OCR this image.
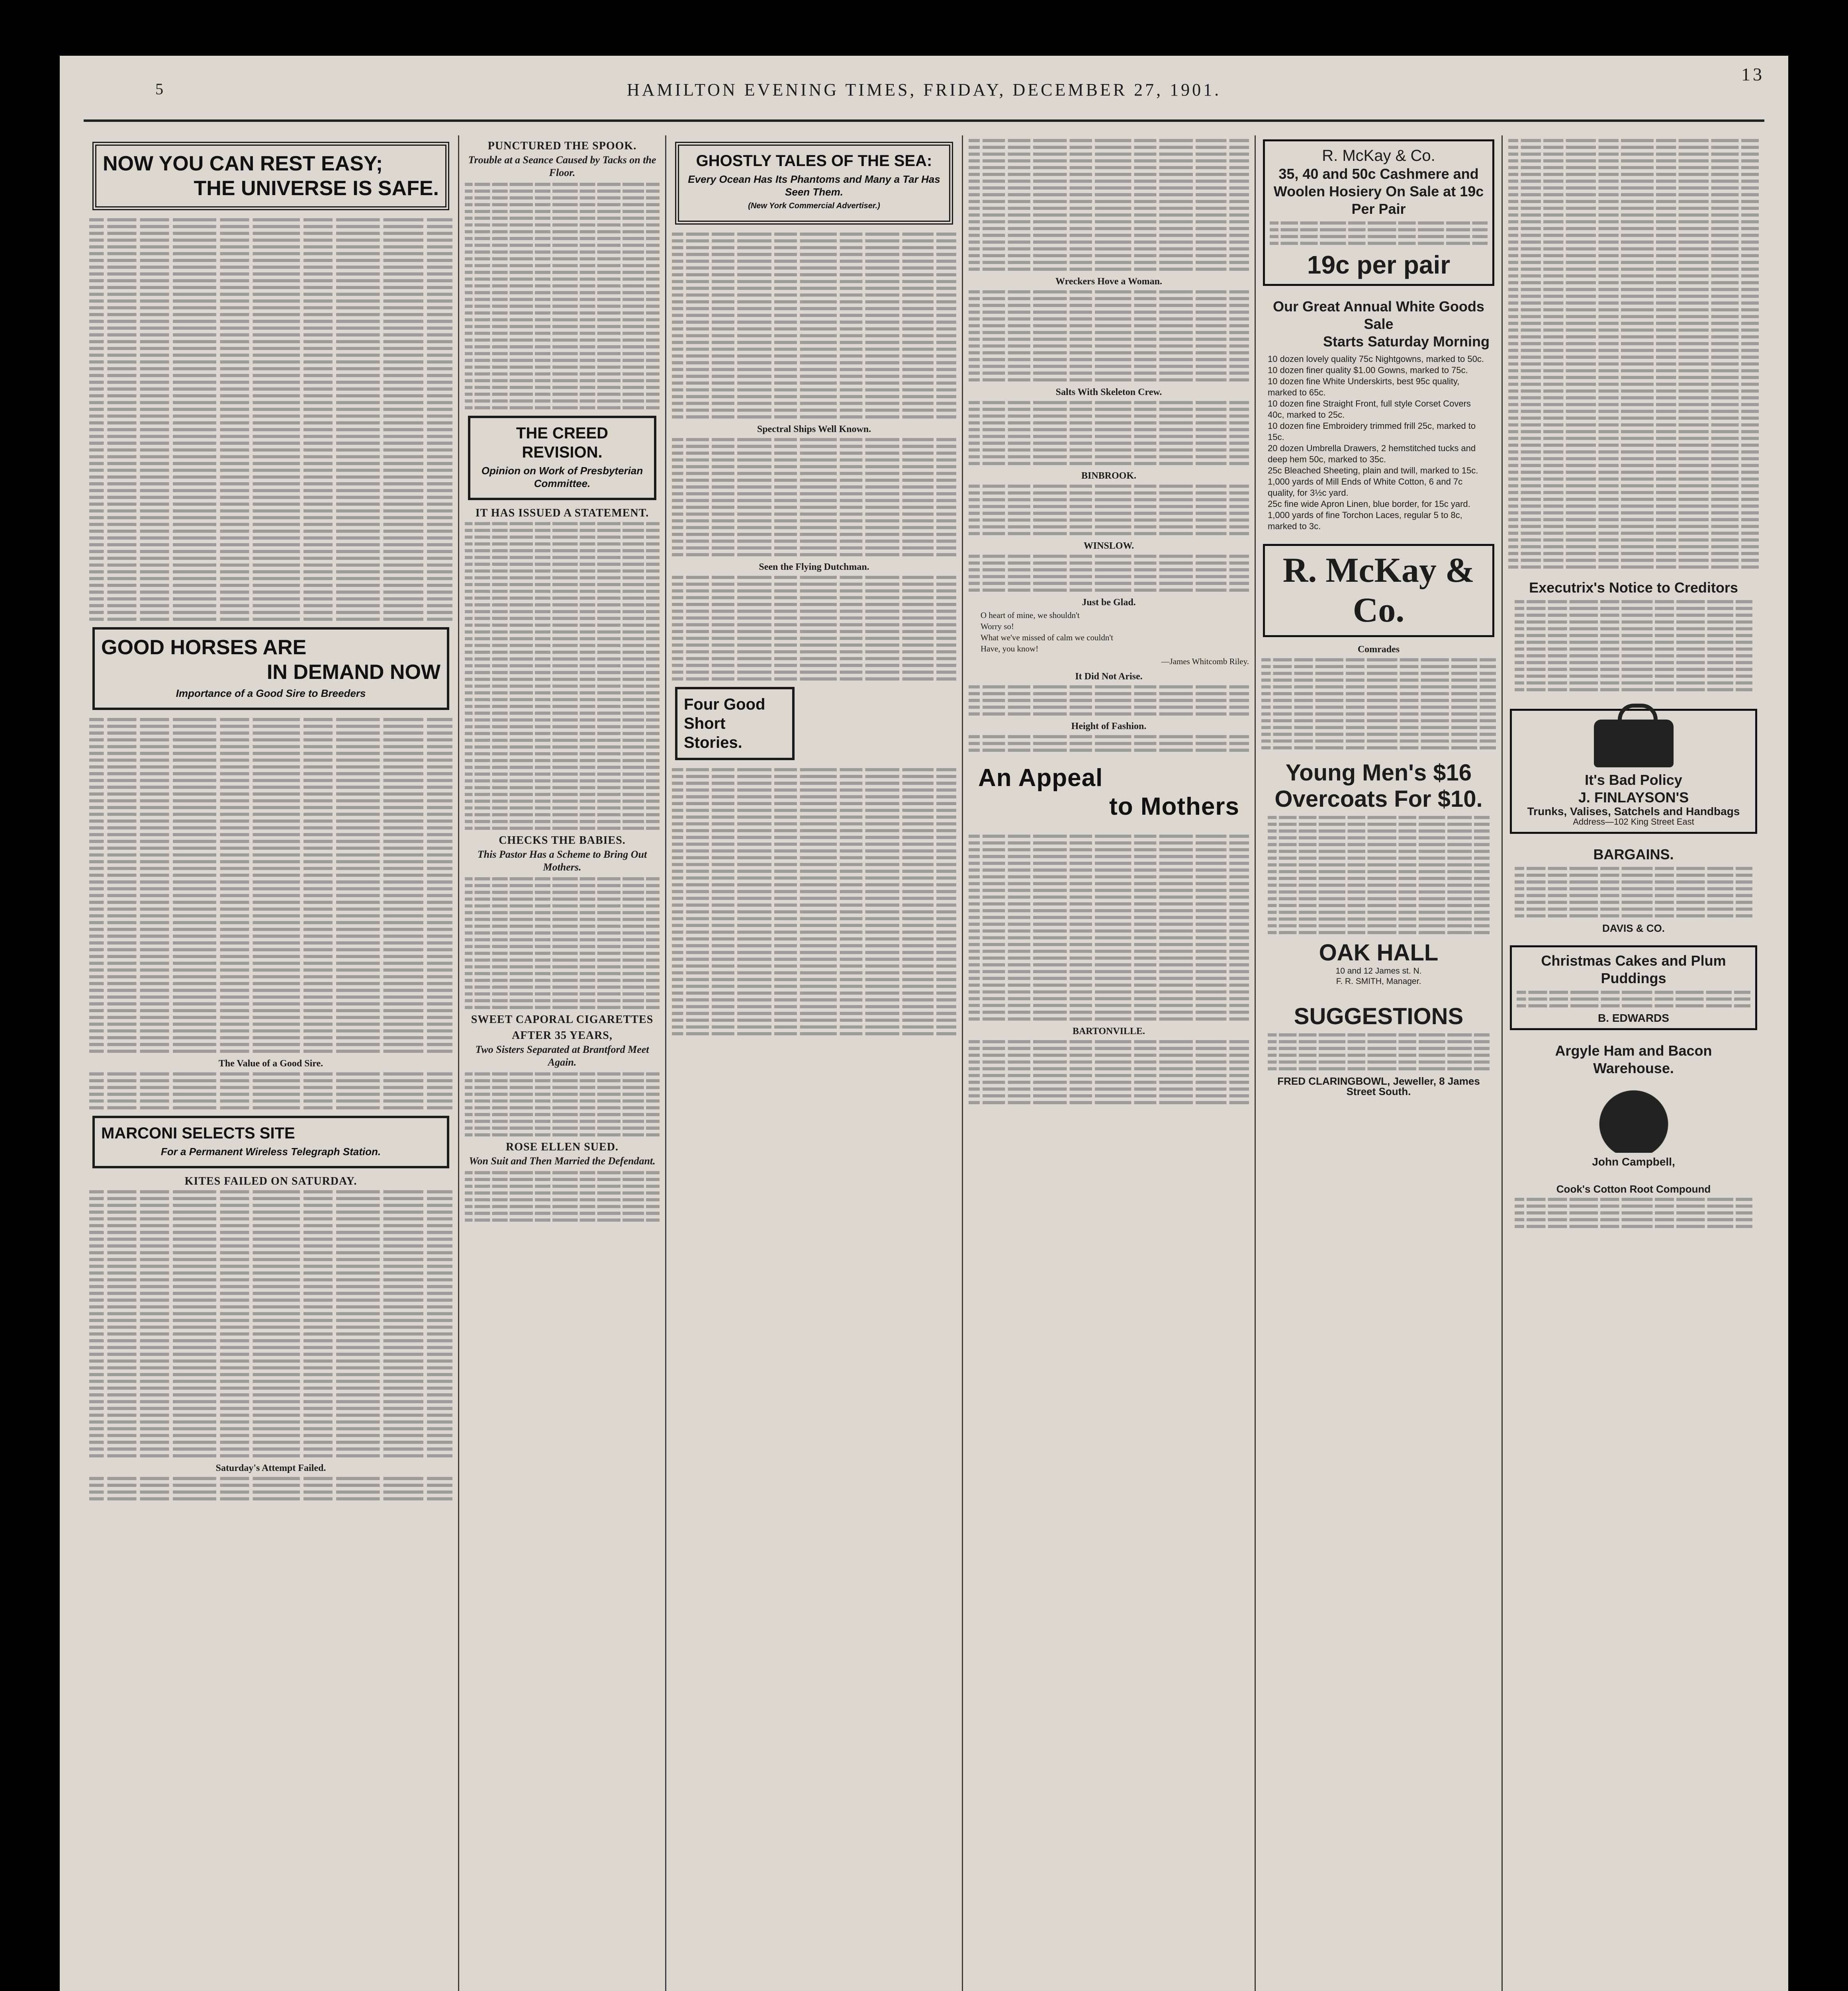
5	HAMILTON EVENING TIMES, FRIDAY, DECEMBER 27, 1901.
13
NOW YOU CAN REST EASY;
THE UNIVERSE IS SAFE.
GOOD HORSES ARE
IN DEMAND NOW
Importance of a Good Sire to Breeders
The Value of a Good Sire.
MARCONI SELECTS SITE
For a Permanent Wireless Telegraph Station.
KITES FAILED ON SATURDAY.
Saturday's Attempt Failed.
PUNCTURED THE SPOOK.
Trouble at a Seance Caused by Tacks on the Floor.
THE CREED REVISION.
Opinion on Work of Presbyterian Committee.
IT HAS ISSUED A STATEMENT.
CHECKS THE BABIES.
This Pastor Has a Scheme to Bring Out Mothers.
SWEET CAPORAL CIGARETTES
AFTER 35 YEARS,
Two Sisters Separated at Brantford Meet Again.
ROSE ELLEN SUED.
Won Suit and Then Married the Defendant.
GHOSTLY TALES OF THE SEA:
Every Ocean Has Its Phantoms and Many a Tar Has Seen Them.
(New York Commercial Advertiser.)
Spectral Ships Well Known.
Seen the Flying Dutchman.
Four Good
Short Stories.
Wreckers Hove a Woman.
Salts With Skeleton Crew.
BINBROOK.
WINSLOW.
Just be Glad.
O heart of mine, we shouldn't
Worry so!
What we've missed of calm we couldn't
Have, you know!
—James Whitcomb Riley.
It Did Not Arise.
Height of Fashion.
An Appeal
to Mothers
BARTONVILLE.
R. McKay & Co.
35, 40 and 50c Cashmere and Woolen Hosiery On Sale at 19c Per Pair
19c per pair
Our Great Annual White Goods Sale
Starts Saturday Morning
10 dozen lovely quality 75c Nightgowns, marked to 50c.
10 dozen finer quality $1.00 Gowns, marked to 75c.
10 dozen fine White Underskirts, best 95c quality, marked to 65c.
10 dozen fine Straight Front, full style Corset Covers 40c, marked to 25c.
10 dozen fine Embroidery trimmed frill 25c, marked to 15c.
20 dozen Umbrella Drawers, 2 hemstitched tucks and deep hem 50c, marked to 35c.
25c Bleached Sheeting, plain and twill, marked to 15c.
1,000 yards of Mill Ends of White Cotton, 6 and 7c quality, for 3½c yard.
25c fine wide Apron Linen, blue border, for 15c yard.
1,000 yards of fine Torchon Laces, regular 5 to 8c, marked to 3c.
R. McKay & Co.
Comrades
Young Men's $16 Overcoats For $10.
OAK HALL
10 and 12 James st. N.
F. R. SMITH, Manager.
SUGGESTIONS
FRED CLARINGBOWL, Jeweller, 8 James Street South.
Executrix's Notice to Creditors
It's Bad Policy
J. FINLAYSON'S
Trunks, Valises, Satchels and Handbags
Address—102 King Street East
BARGAINS.
DAVIS & CO.
Christmas Cakes and Plum Puddings
B. EDWARDS
Argyle Ham and Bacon Warehouse.
John Campbell,
Cook's Cotton Root Compound
